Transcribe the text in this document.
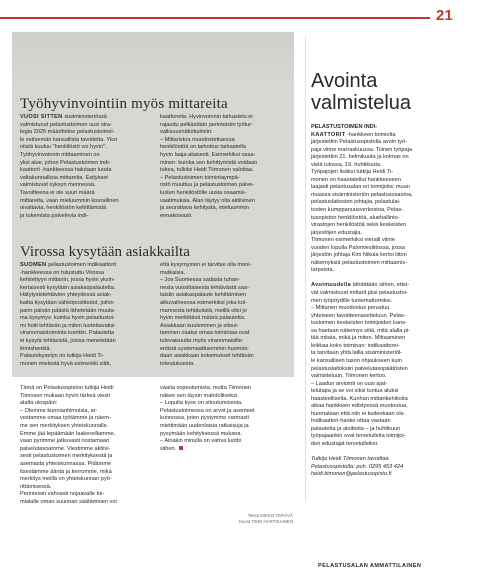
21
Työhyvinvointiin myös mittareita
VUOSI SITTEN sisäministeriössä
valmistunut pelastustoimen uusi stra-
tegia 2025 määrittelee pelastustoimel-
le seitsemän kansallista tavoitetta. Yksi
niistä kuuluu "henkilöstö voi hyvin".
Työhyvinvoinnin mittaaminen on
yksi alue, johon Pelastustoimen indi-
kaattorit -hankkeessa halutaan luoda
valtakunnallisia mittareita. Esitykset
valmistuvat syksyn mennessä.
Tavoitteena ei ole suuri määrä
mittareita, vaan mieluummin kourallinen
oivaltavia, henkilöstön kehittämistä
ja tukemista palvelevia indi-
kaattoreita. Hyvinvoinnin tarkastelu ei
rajaudu pelkästään perinteisiin työtur-
vallisuusnäkökulmiin:
– Mittaristoa muodostettaessa
henkilöstöä on tarkoitus tarkastella
hyvin laaja-alaisesti. Esimerkiksi osaa-
minen: kuinka sen kehittymistä voidaan
tukea, tulkitsi Heidi Tiimonen valottaa.
– Pelastustoimen toimintaympä-
ristö muuttuu ja pelastustoimen palve-
lusten henkilöstölle uusia osaamis-
vaatimuksia. Alan täytyy olla aktiivinen
ja seurattava kehitystä, mieluummin
ennakoivasti.
Virossa kysytään asiakkailta
SUOMEN pelastustoimen indikaattorit
-hankkeessa on tutustuttu Virossa
kehitettyyn mittariin, jossa hyvin yksin-
kertaisesti kysytään asiakaspalautetta.
Hätytysistehtävien yhteydessä asiak-
kailta kysytään sähköpostitodot, joihin
parin päivän päästä lähetetään muuta-
ma kysymys: kuinka hyvin pelastustoi-
mi hoiti tehtävän ja miten luotettavaksi
viranomaistoiminta koettiin. Palautetta
ei kysytä tehtävistä, joissa menetetään
ihmishenkiä.
Palautekyselyn on tutkija Heidi Ti-
monen mielestä hyvä esimerkki siitä,
että kysymysten ei tarvitse olla moni-
mutkaisia.
– Jos Suomessa sadasta tuhan-
nesta vuosittaisesta tehtävästä saa-
taisiin asiakaspalaute kehittämisen
alkuvaiheessa esimerkiksi joka kol-
mannesta tehtävästä, meillä olisi jo
hyvin merkittävä määrä palautetta.
Asiakkaan kuuleminen ja sitout-
taminen osaksi omaa toimintaa ovat
tulevaisuutta myös viranomaisille:
entistä systemaattisemmin huomioi-
daan asiakkaan kokemukset tehtävän
toteutuksesta.
Avointa
valmistelua
PELASTUSTOIMEN INDI-
KAATTORIT -hankkeen toimiolta
järjestettiin Pelastusopistolla avoin työ-
paja viime marraskuussa. Toinen työpaja
järjestettiin 21. helmikuuta ja kolmas on
vielä tulossa, 19. huhtikuuta.
Työpajojen lisäksi tutkija Heidi Ti-
monen on haastatellut hankkeeseen
laajasti pelastusalan eri toimijoita: muun
muassa sisäministeriön pelastusosastoa,
pelastuslaitosten johtajia, pelastulai-
tosten kumppanuusverkostoa, Pelas-
tusopiston henkilöstöä, aluehallinto-
virastojen henkilöstöä sekä keskeisten
järjestöjen edustajia.
Tiimonen esimerkiksi vieraili viime
vuoden lopulla Palomiesliitossa, jossa
järjestön johtaja Kim Nikula kertoi liiton
näkemyksiä pelastustoimen mittaamis-
tarpeista.

Avoimuudella tähdätään siihen, ettei-
vät valmistuvat mittarit jäisi pelastustoi-
men työpöydille tuntemattomiksi.
– Mittarien muodostus perustuu
yhteiseen tavoitteenasetteluun. Pelas-
tustoimen keskeisten toimijoiden kans-
sa haetaan näkemys siitä, mitä alalla pi-
tää mitata, mikä ja miten. Mittaaminen
leikkaa koko toiminan: indikaattorei-
ta tarvitaan yhtä lailla sisäministeriöl-
le kansallisen tason ohjaukseen kuin
pelastuslaitoksiin palvelutasopäätösten
valmisteluun, Tiimonen kertoo.
– Laadun arviointi on uusi ajat-
telutapa ja se voi siksi tuntua aluksi
haasteelliselta. Kunhan mittarikehikoita
alkaa hankkeen edistyessä muotoutua,
huomataan että niin ei kuitenkaan ole.
Indikaattori-hanke ottaa vastaan
palautetta ja aloitteita – ja huhtikuun
työpajaankin ovat tervetulleita toimijoi-
den edustajat tervetulleiksi.

Tutkija Heidi Tiimonen tavoittaa
Pelastusopistolta: puh. 0295 453 424
heidi.tiimonen@pelastusopisto.fi
Tämä on Pelastusopiston tutkija Heidi
Tiimosen mukaan hyvin tärkeä viesti
alalta ulospäin:
– Olemme kunnianhimoisia, ar-
vostamme omaa työtämme ja näem-
me sen merkityksen yhteiskunnalle.
Emme jää lepäämään laakereillamme,
vaan pyrimme jatkuvasti nostamaan
palvelutasoamme. Viestimme aktiivi-
sesti pelastustoimen merkityksestä ja
asemasta yhteiskunnassa. Pidämme
itsestämme ääntä ja kerromme, mikä
merkitys meillä on yhteiskunnan pyö-
rittämisessä.
Perinteisin vahvasti nojaavalle toi-
mialalle oman suunnan säätäminen voi
vaatia sopeutumista, mutta Tiimonen
näkee sen täysin mahdolliseksi.
– Lopulta kyse on sitoutumisesta.
Pelastustoimessa on arvot ja asenteet
kunnossa, joten pystymme varmasti
miettimään uudenlaisia ratkaisuja ja
pysymään kehityksessä mukana.
– Ainakin minulla on vahva luotto
siihen.
Teksti MIKKO TERÄVÄ
Kuvat TIMO HARTIKAINEN
PELASTUSALAN AMMATTILAINEN
